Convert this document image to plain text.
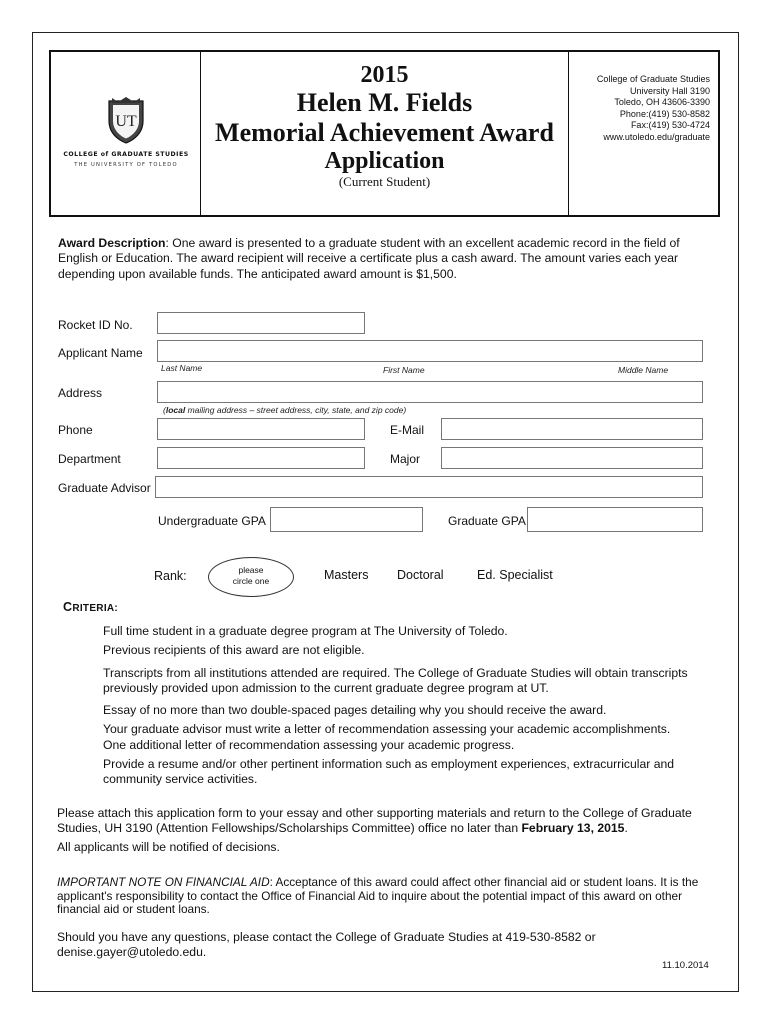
UT
COLLEGE of GRADUATE STUDIES
THE UNIVERSITY OF TOLEDO
2015
Helen M. Fields
Memorial Achievement Award
Application
(Current Student)
College of Graduate Studies
University Hall 3190
Toledo, OH 43606-3390
Phone:(419) 530-8582
Fax:(419) 530-4724
www.utoledo.edu/graduate
Award Description: One award is presented to a graduate student with an excellent academic record in the field of English or Education. The award recipient will receive a certificate plus a cash award. The amount varies each year depending upon available funds. The anticipated award amount is $1,500.
Rocket ID No.
Applicant Name
Last Name	First Name	Middle Name
Address
(local mailing address – street address, city, state, and zip code)
Phone	E-Mail
Department	Major
Graduate Advisor
Undergraduate GPA	Graduate GPA
Rank:	please
circle one	Masters Doctoral	Ed. Specialist
CRITERIA:
Full time student in a graduate degree program at The University of Toledo.
Previous recipients of this award are not eligible.
Transcripts from all institutions attended are required. The College of Graduate Studies will obtain transcripts previously provided upon admission to the current graduate degree program at UT.
Essay of no more than two double-spaced pages detailing why you should receive the award.
Your graduate advisor must write a letter of recommendation assessing your academic accomplishments.
One additional letter of recommendation assessing your academic progress.
Provide a resume and/or other pertinent information such as employment experiences, extracurricular and community service activities.
Please attach this application form to your essay and other supporting materials and return to the College of Graduate Studies, UH 3190 (Attention Fellowships/Scholarships Committee) office no later than February 13, 2015.
All applicants will be notified of decisions.
IMPORTANT NOTE ON FINANCIAL AID: Acceptance of this award could affect other financial aid or student loans. It is the applicant's responsibility to contact the Office of Financial Aid to inquire about the potential impact of this award on other financial aid or student loans.
Should you have any questions, please contact the College of Graduate Studies at 419-530-8582 or denise.gayer@utoledo.edu.
11.10.2014
